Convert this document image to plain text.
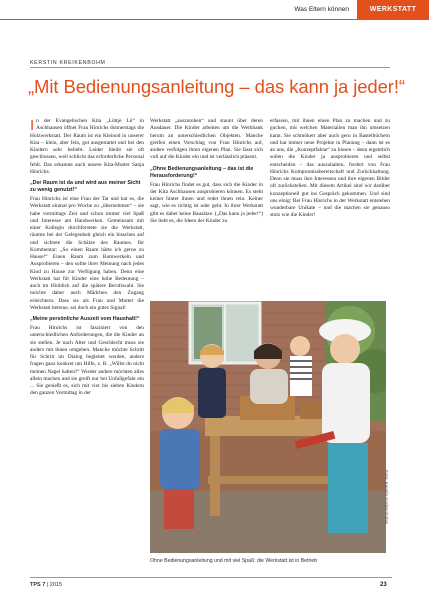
Was Eltern können	WERKSTATT
KERSTIN KREIKENBOHM
„Mit Bedienungsanleitung – das kann ja jeder!“

In der Evangelischen Kita „Lüttje Lü“ in Aschhausen öffnet Frau Hinrichs donnerstags die Holzwerkstatt. Der Raum ist ein Kleinod in unserer Kita – klein, aber fein, gut ausgestattet und bei den Kindern sehr beliebt. Leider bleibt sie oft geschlossen, weil schlicht das erforderliche Personal fehlt. Das erkannte auch unsere Kita-Mutter Sanja Hinrichs:

„Der Raum ist da und wird aus meiner Sicht zu wenig genutzt!“

Frau Hinrichs ist eine Frau der Tat und hat es, die Werkstatt einmal pro Woche zu „übernehmen“ – sie habe vormittags Zeit und schon immer viel Spaß und Interesse am Handwerken. Gemeinsam mit einer Kollegin durchforstete sie die Werkstatt, räumte bei der Gelegenheit gleich ein bisschen auf und sichtete die Schätze des Raumes. Ihr Kommentar: „So einen Raum hätte ich gerne zu Hause!“ Einen Raum zum Rumwerkeln und Ausprobieren – den sollte ihrer Meinung nach jedes Kind zu Hause zur Verfügung haben. Denn eine Werkstatt hat für Kinder eine hohe Bedeutung – auch im Hinblick auf die spätere Berufswahl. Sie möchte daher auch Mädchen den Zugang erleichtern. Dass sie als Frau und Mutter die Werkstatt betreue, sei doch ein gutes Signal!

„Meine persönliche Auszeit vom Haushalt!“

Frau Hinrichs ist fasziniert von den unterschiedlichen Anforderungen, die die Kinder an sie stellen. Je nach Alter und Geschlecht muss sie anders mit ihnen umgehen. Manche möchte Schritt für Schritt im Dialog begleitet werden, andere fragen ganz konkret um Hilfe, z. B. „Willst du nicht meinen Nagel halten?“ Wieder andere möchten alles allein machen und sie greift nur bei Unfallgefahr ein ... Sie genießt es, sich mit vier bis sieben Kindern den ganzen Vormittag in der

Werkstatt „auszutoben“ und staunt über deren Ausdauer. Die Kinder arbeiten um die Werkbank herum an unterschiedlichen Objekten. Manche greifen einen Vorschlag von Frau Hinrichs auf, andere verfolgen ihren eigenen Plan. Sie lässt sich voll auf die Kinder ein und ist verlässlich präsent.

„Ohne Bedienungsanleitung – das ist die Herausforderung!“

Frau Hinrichs findet es gut, dass sich die Kinder in der Kita Aschhausen ausprobieren können. Es steht keiner hinter ihnen und redet ihnen rein. Keiner sagt, wie es richtig ist oder geht. In ihrer Werkstatt gibt es daher keine Bausätze. („Das kann ja jeder!“) Sie liebt es, die Ideen der Kinder zu

erfassen, mit ihnen einen Plan zu machen und zu gucken, mit welchen Materialien man ihn umsetzen kann. Sie schmökert aber auch gern in Bastelbüchern und hat immer neue Projekte in Planung – dann ist es an uns, die „Konzeptfahne“ zu hissen – denn eigentlich sollen die Kinder ja ausprobieren und selbst entscheiden – das auszuhalten, fordert von Frau Hinrichs Kompromissbereitschaft und Zurückhaltung. Denn sie muss ihre Interessen und ihre eigenen Bilder oft zurückstellen. Mit diesem Artikel sind wir darüber konzeptionell gut ins Gespräch gekommen. Und sind uns einig: Bei Frau Hinrichs in der Werkstatt entstehen wunderbare Unikate – und die machen sie genauso stolz wie die Kinder!

Foto: Kerstin Kreikenbohm
Ohne Bedienungsanleitung und mit viel Spaß: die Werkstatt ist in Betrieb
TPS 7 | 2015	23
